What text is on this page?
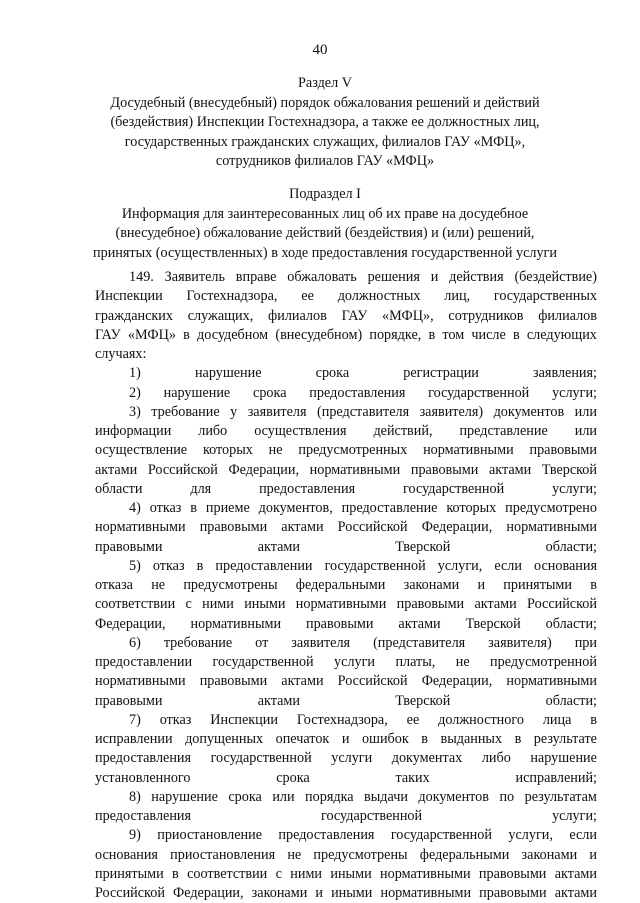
40
Раздел V
Досудебный (внесудебный) порядок обжалования решений и действий
(бездействия) Инспекции Гостехнадзора, а также ее должностных лиц,
государственных гражданских служащих, филиалов ГАУ «МФЦ»,
сотрудников филиалов ГАУ «МФЦ»
Подраздел I
Информация для заинтересованных лиц об их праве на досудебное
(внесудебное) обжалование действий (бездействия) и (или) решений,
принятых (осуществленных) в ходе предоставления государственной услуги
149. Заявитель вправе обжаловать решения и действия (бездействие)
Инспекции Гостехнадзора, ее должностных лиц, государственных
гражданских служащих, филиалов ГАУ «МФЦ», сотрудников филиалов
ГАУ «МФЦ» в досудебном (внесудебном) порядке, в том числе в следующих
случаях:
1) нарушение срока регистрации заявления;
2) нарушение срока предоставления государственной услуги;
3) требование у заявителя (представителя заявителя) документов или
информации либо осуществления действий, представление или
осуществление которых не предусмотренных нормативными правовыми
актами Российской Федерации, нормативными правовыми актами Тверской
области для предоставления государственной услуги;
4) отказ в приеме документов, предоставление которых предусмотрено
нормативными правовыми актами Российской Федерации, нормативными
правовыми актами Тверской области;
5) отказ в предоставлении государственной услуги, если основания
отказа не предусмотрены федеральными законами и принятыми в
соответствии с ними иными нормативными правовыми актами Российской
Федерации, нормативными правовыми актами Тверской области;
6) требование от заявителя (представителя заявителя) при
предоставлении государственной услуги платы, не предусмотренной
нормативными правовыми актами Российской Федерации, нормативными
правовыми актами Тверской области;
7) отказ Инспекции Гостехнадзора, ее должностного лица в
исправлении допущенных опечаток и ошибок в выданных в результате
предоставления государственной услуги документах либо нарушение
установленного срока таких исправлений;
8) нарушение срока или порядка выдачи документов по результатам
предоставления государственной услуги;
9) приостановление предоставления государственной услуги, если
основания приостановления не предусмотрены федеральными законами и
принятыми в соответствии с ними иными нормативными правовыми актами
Российской Федерации, законами и иными нормативными правовыми актами
